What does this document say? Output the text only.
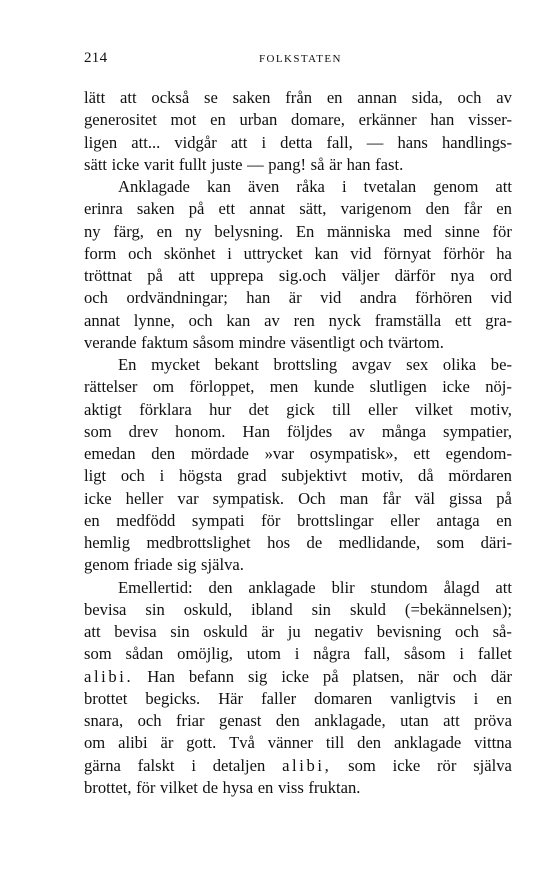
214	FOLKSTATEN
lätt att också se saken från en annan sida, och av
generositet mot en urban domare, erkänner han visser-
ligen att... vidgår att i detta fall, — hans handlings-
sätt icke varit fullt juste — pang! så är han fast.
Anklagade kan även råka i tvetalan genom att
erinra saken på ett annat sätt, varigenom den får en
ny färg, en ny belysning. En människa med sinne för
form och skönhet i uttrycket kan vid förnyat förhör ha
tröttnat på att upprepa sig.och väljer därför nya ord
och ordvändningar; han är vid andra förhören vid
annat lynne, och kan av ren nyck framställa ett gra-
verande faktum såsom mindre väsentligt och tvärtom.
En mycket bekant brottsling avgav sex olika be-
rättelser om förloppet, men kunde slutligen icke nöj-
aktigt förklara hur det gick till eller vilket motiv,
som drev honom. Han följdes av många sympatier,
emedan den mördade »var osympatisk», ett egendom-
ligt och i högsta grad subjektivt motiv, då mördaren
icke heller var sympatisk. Och man får väl gissa på
en medfödd sympati för brottslingar eller antaga en
hemlig medbrottslighet hos de medlidande, som däri-
genom friade sig själva.
Emellertid: den anklagade blir stundom ålagd att
bevisa sin oskuld, ibland sin skuld (=bekännelsen);
att bevisa sin oskuld är ju negativ bevisning och så-
som sådan omöjlig, utom i några fall, såsom i fallet
alibi. Han befann sig icke på platsen, när och där
brottet begicks. Här faller domaren vanligtvis i en
snara, och friar genast den anklagade, utan att pröva
om alibi är gott. Två vänner till den anklagade vittna
gärna falskt i detaljen alibi, som icke rör själva
brottet, för vilket de hysa en viss fruktan.
